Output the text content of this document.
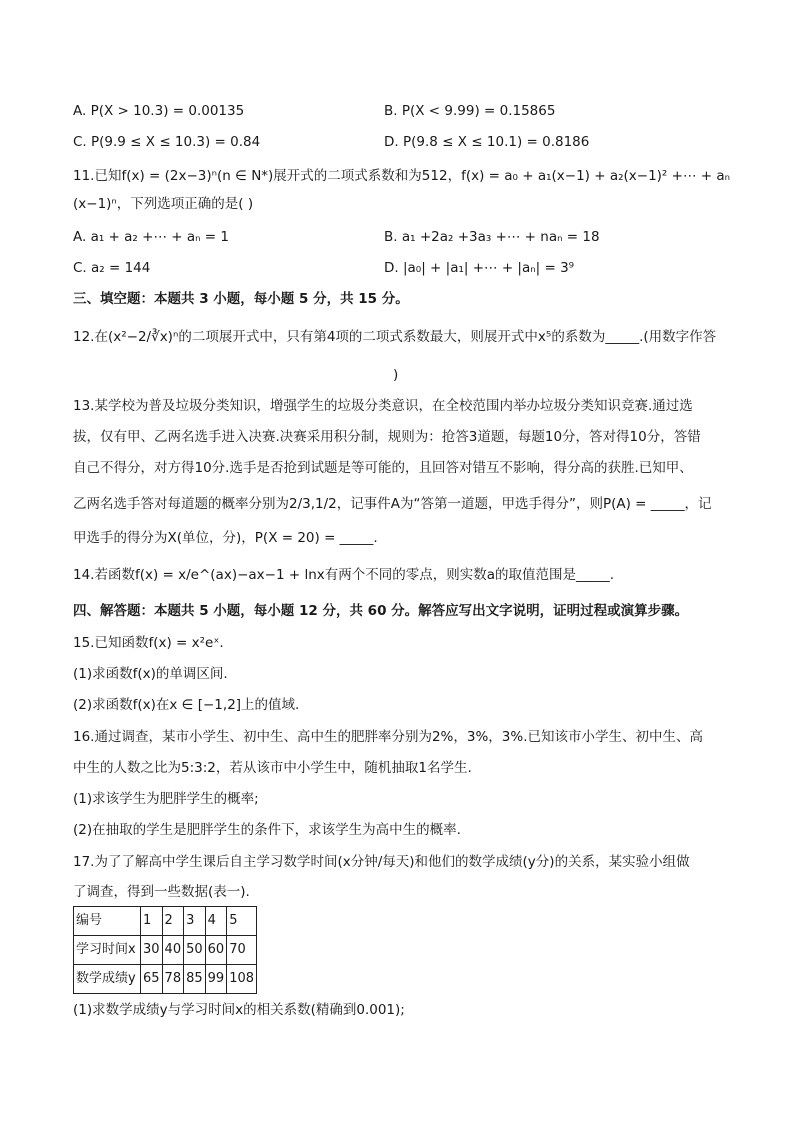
A. P(X > 10.3) = 0.00135	B. P(X < 9.99) = 0.15865
C. P(9.9 ≤ X ≤ 10.3) = 0.84	D. P(9.8 ≤ X ≤ 10.1) = 0.8186
11.已知f(x) = (2x−3)ⁿ(n ∈ N*)展开式的二项式系数和为512，f(x) = a₀ + a₁(x−1) + a₂(x−1)² +⋯ + aₙ
(x−1)ⁿ，下列选项正确的是( )
A. a₁ + a₂ +⋯ + aₙ = 1	B. a₁ +2a₂ +3a₃ +⋯ + naₙ = 18
C. a₂ = 144	D. |a₀| + |a₁| +⋯ + |aₙ| = 3⁹
三、填空题：本题共 3 小题，每小题 5 分，共 15 分。
12.在(x²−2/∛x)ⁿ的二项展开式中，只有第4项的二项式系数最大，则展开式中x⁵的系数为_____.(用数字作答
)
13.某学校为普及垃圾分类知识，增强学生的垃圾分类意识，在全校范围内举办垃圾分类知识竞赛.通过选
拔，仅有甲、乙两名选手进入决赛.决赛采用积分制，规则为：抢答3道题，每题10分，答对得10分，答错
自己不得分，对方得10分.选手是否抢到试题是等可能的，且回答对错互不影响，得分高的获胜.已知甲、
乙两名选手答对每道题的概率分别为2/3,1/2，记事件A为“答第一道题，甲选手得分”，则P(A) = _____，记
甲选手的得分为X(单位，分)，P(X = 20) = _____.
14.若函数f(x) = x/e^(ax)−ax−1 + lnx有两个不同的零点，则实数a的取值范围是_____.
四、解答题：本题共 5 小题，每小题 12 分，共 60 分。解答应写出文字说明，证明过程或演算步骤。
15.已知函数f(x) = x²eˣ.
(1)求函数f(x)的单调区间.
(2)求函数f(x)在x ∈ [−1,2]上的值域.
16.通过调查，某市小学生、初中生、高中生的肥胖率分别为2%，3%，3%.已知该市小学生、初中生、高
中生的人数之比为5:3:2，若从该市中小学生中，随机抽取1名学生.
(1)求该学生为肥胖学生的概率;
(2)在抽取的学生是肥胖学生的条件下，求该学生为高中生的概率.
17.为了了解高中学生课后自主学习数学时间(x分钟/每天)和他们的数学成绩(y分)的关系，某实验小组做
了调查，得到一些数据(表一).
编号	1	2	3	4	5
学习时间x	30	40	50	60	70
数学成绩y	65	78	85	99	108
(1)求数学成绩y与学习时间x的相关系数(精确到0.001);
